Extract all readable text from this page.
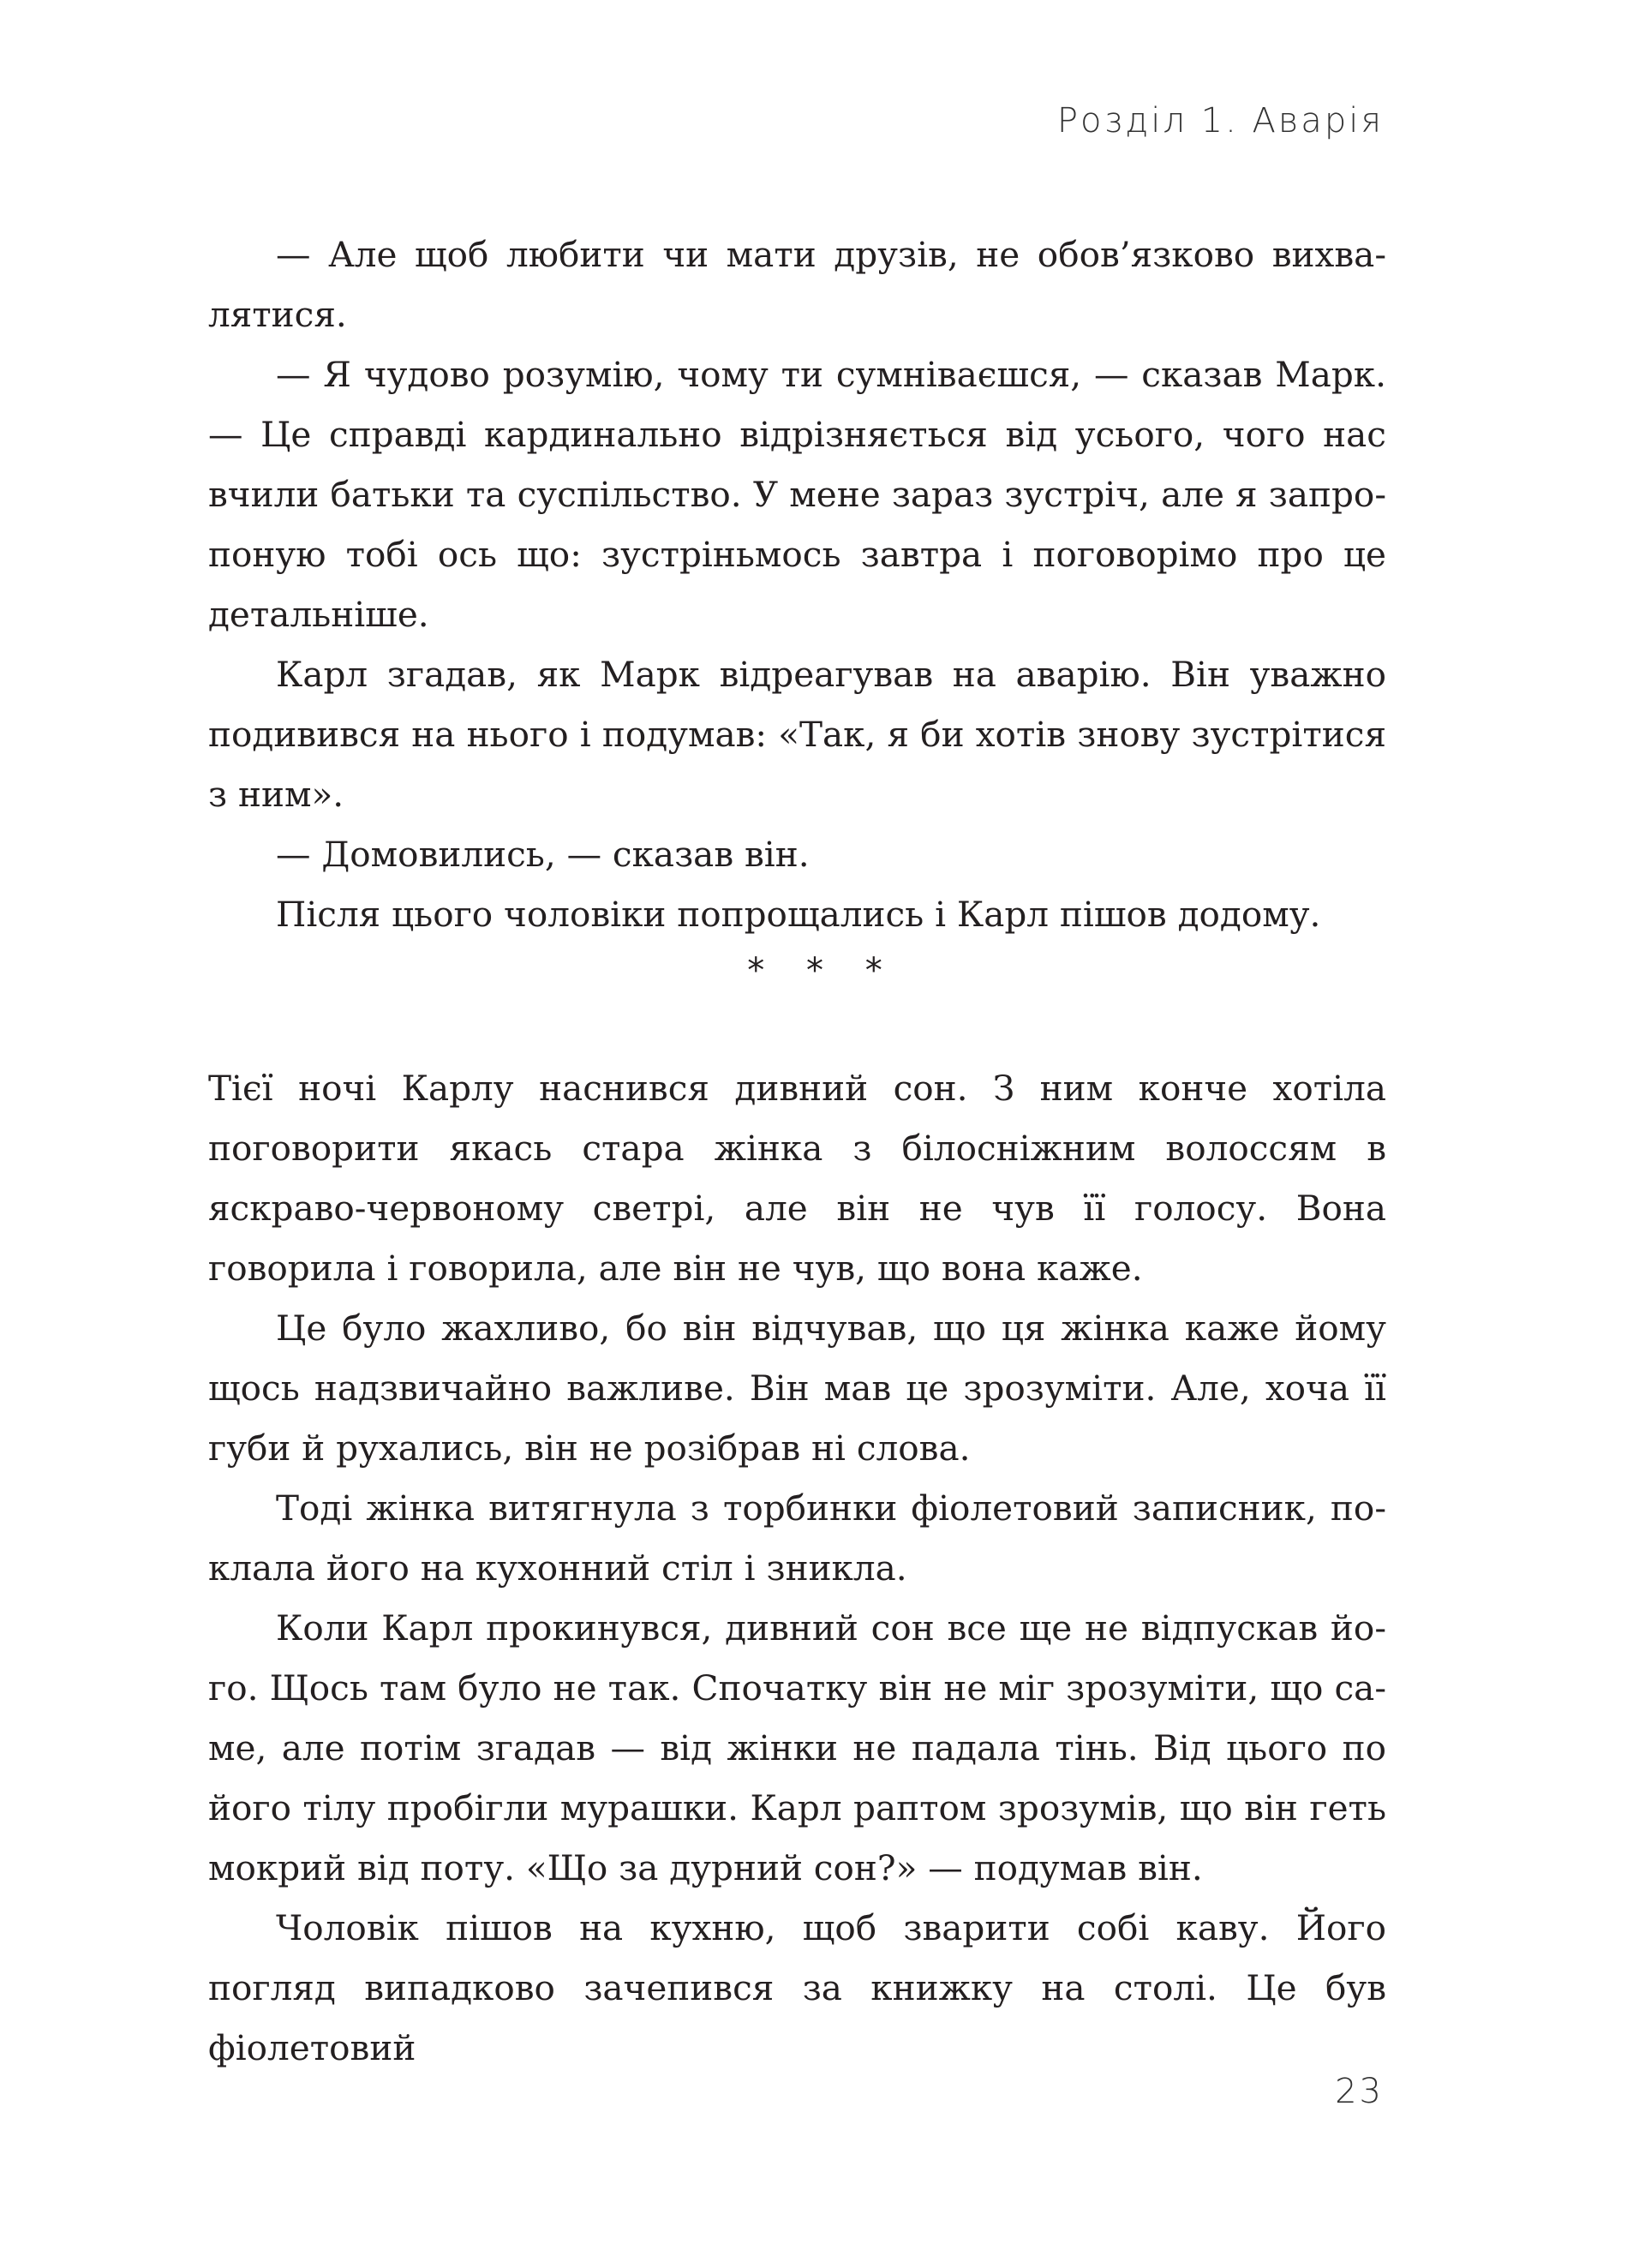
Розділ 1. Аварія

— Але щоб любити чи мати друзів, не обов’язково вихвалятися.

— Я чудово розумію, чому ти сумніваєшся, — сказав Марк. — Це справді кардинально відрізняється від усього, чого нас вчили батьки та суспільство. У мене зараз зустріч, але я запропоную тобі ось що: зустріньмось завтра і поговорімо про це детальніше.

Карл згадав, як Марк відреагував на аварію. Він уважно подивився на нього і подумав: «Так, я би хотів знову зустрітися з ним».

— Домовились, — сказав він.

Після цього чоловіки попрощались і Карл пішов додому.

* * *

Тієї ночі Карлу наснився дивний сон. З ним конче хотіла поговорити якась стара жінка з білосніжним волоссям в яскраво-червоному светрі, але він не чув її голосу. Вона говорила і говорила, але він не чув, що вона каже.

Це було жахливо, бо він відчував, що ця жінка каже йому щось надзвичайно важливе. Він мав це зрозуміти. Але, хоча її губи й рухались, він не розібрав ні слова.

Тоді жінка витягнула з торбинки фіолетовий записник, поклала його на кухонний стіл і зникла.

Коли Карл прокинувся, дивний сон все ще не відпускав його. Щось там було не так. Спочатку він не міг зрозуміти, що саме, але потім згадав — від жінки не падала тінь. Від цього по його тілу пробігли мурашки. Карл раптом зрозумів, що він геть мокрий від поту. «Що за дурний сон?» — подумав він.

Чоловік пішов на кухню, щоб зварити собі каву. Його погляд випадково зачепився за книжку на столі. Це був фіолетовий

23
